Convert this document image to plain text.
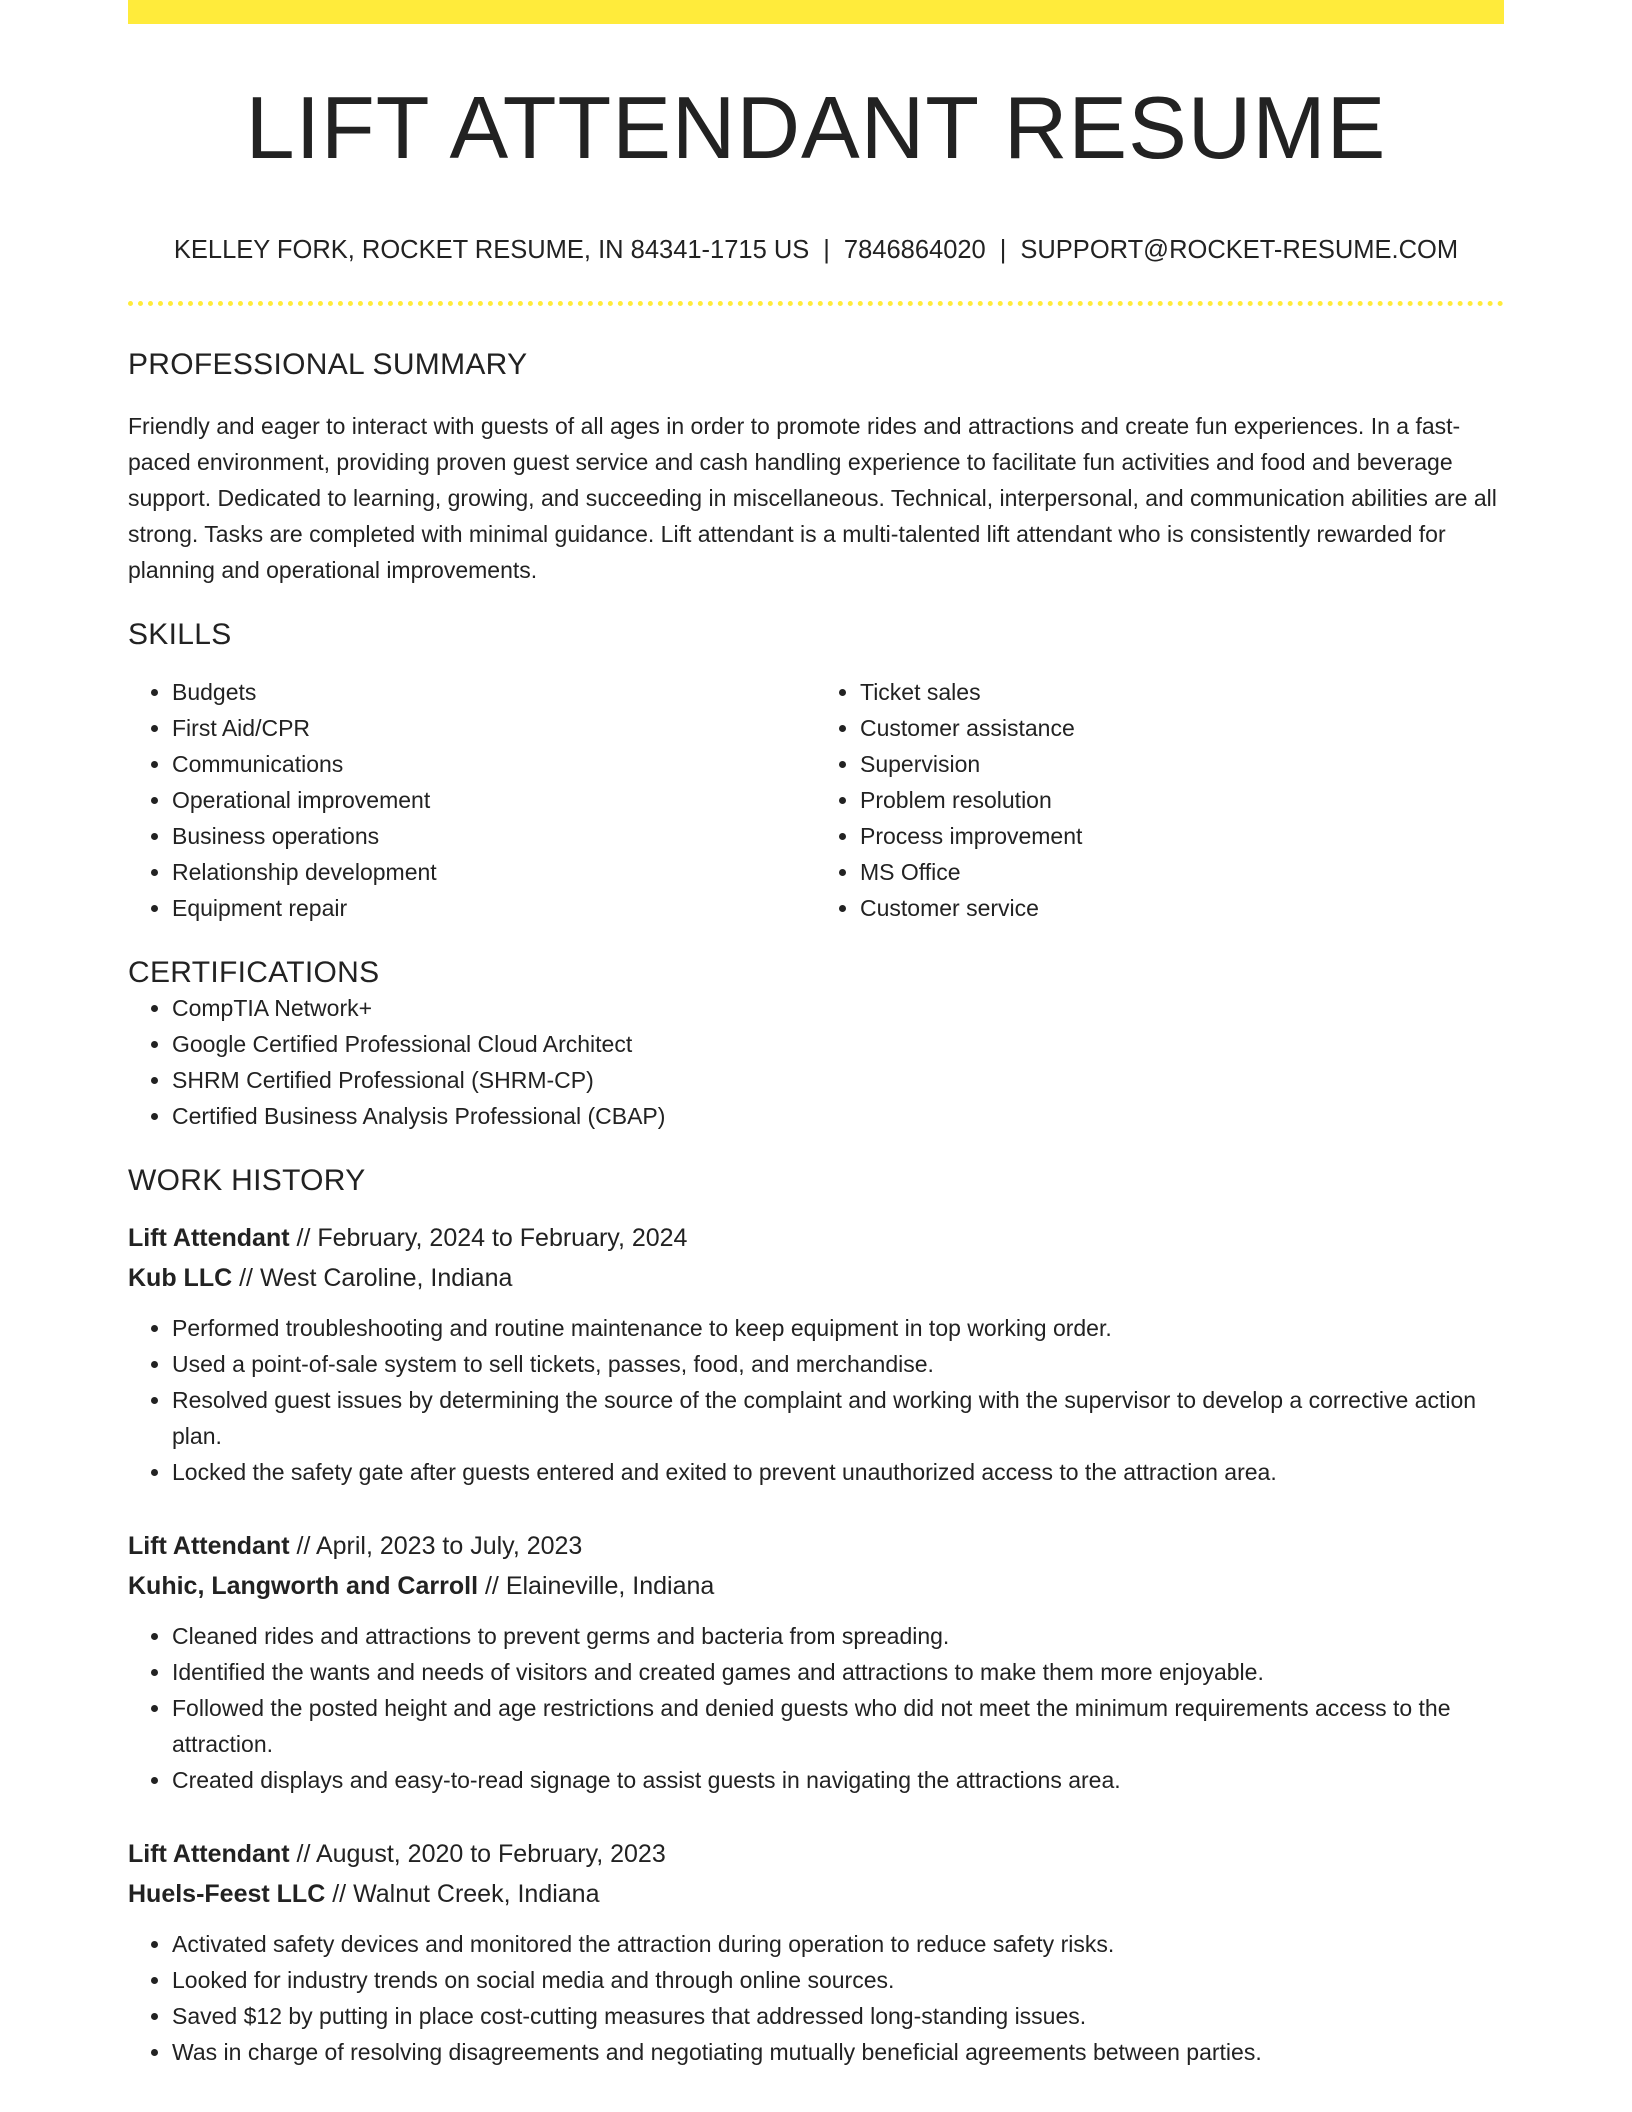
LIFT ATTENDANT RESUME
KELLEY FORK, ROCKET RESUME, IN 84341-1715 US | 7846864020 | SUPPORT@ROCKET-RESUME.COM
PROFESSIONAL SUMMARY

Friendly and eager to interact with guests of all ages in order to promote rides and attractions and create fun experiences. In a fast-paced environment, providing proven guest service and cash handling experience to facilitate fun activities and food and beverage support. Dedicated to learning, growing, and succeeding in miscellaneous. Technical, interpersonal, and communication abilities are all strong. Tasks are completed with minimal guidance. Lift attendant is a multi-talented lift attendant who is consistently rewarded for planning and operational improvements.

SKILLS
• Budgets
• First Aid/CPR
• Communications
• Operational improvement
• Business operations
• Relationship development
• Equipment repair
• Ticket sales
• Customer assistance
• Supervision
• Problem resolution
• Process improvement
• MS Office
• Customer service
CERTIFICATIONS
• CompTIA Network+
• Google Certified Professional Cloud Architect
• SHRM Certified Professional (SHRM-CP)
• Certified Business Analysis Professional (CBAP)
WORK HISTORY
Lift Attendant // February, 2024 to February, 2024
Kub LLC // West Caroline, Indiana
• Performed troubleshooting and routine maintenance to keep equipment in top working order.
• Used a point-of-sale system to sell tickets, passes, food, and merchandise.
• Resolved guest issues by determining the source of the complaint and working with the supervisor to develop a corrective action plan.
• Locked the safety gate after guests entered and exited to prevent unauthorized access to the attraction area.
Lift Attendant // April, 2023 to July, 2023
Kuhic, Langworth and Carroll // Elaineville, Indiana
• Cleaned rides and attractions to prevent germs and bacteria from spreading.
• Identified the wants and needs of visitors and created games and attractions to make them more enjoyable.
• Followed the posted height and age restrictions and denied guests who did not meet the minimum requirements access to the attraction.
• Created displays and easy-to-read signage to assist guests in navigating the attractions area.
Lift Attendant // August, 2020 to February, 2023
Huels-Feest LLC // Walnut Creek, Indiana
• Activated safety devices and monitored the attraction during operation to reduce safety risks.
• Looked for industry trends on social media and through online sources.
• Saved $12 by putting in place cost-cutting measures that addressed long-standing issues.
• Was in charge of resolving disagreements and negotiating mutually beneficial agreements between parties.
